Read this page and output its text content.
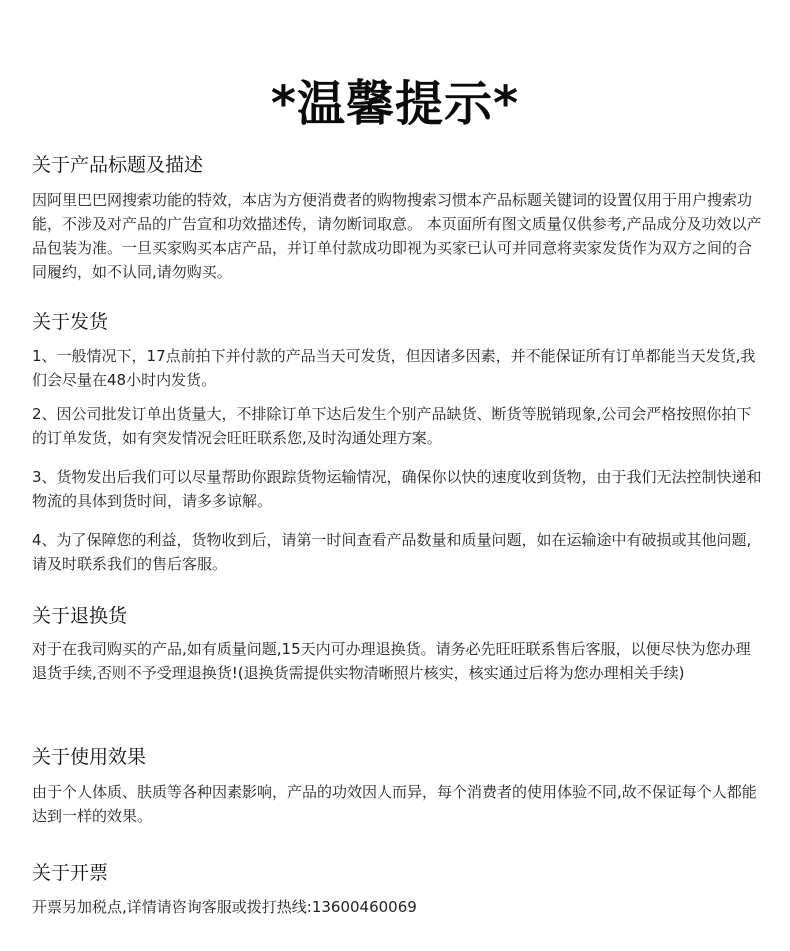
*温馨提示*
关于产品标题及描述

因阿里巴巴网搜索功能的特效，本店为方便消费者的购物搜索习惯本产品标题关键词的设置仅用于用户搜索功能，不涉及对产品的广告宣和功效描述传，请勿断词取意。 本页面所有图文质量仅供参考,产品成分及功效以产品包装为准。一旦买家购买本店产品，并订单付款成功即视为买家已认可并同意将卖家发货作为双方之间的合同履约，如不认同,请勿购买。

关于发货

1、一般情况下，17点前拍下并付款的产品当天可发货，但因诸多因素，并不能保证所有订单都能当天发货,我们会尽量在48小时内发货。

2、因公司批发订单出货量大，不排除订单下达后发生个别产品缺货、断货等脱销现象,公司会严格按照你拍下的订单发货，如有突发情况会旺旺联系您,及时沟通处理方案。

3、货物发出后我们可以尽量帮助你跟踪货物运输情况，确保你以快的速度收到货物，由于我们无法控制快递和物流的具体到货时间，请多多谅解。

4、为了保障您的利益，货物收到后，请第一时间查看产品数量和质量问题，如在运输途中有破损或其他问题,请及时联系我们的售后客服。

关于退换货

对于在我司购买的产品,如有质量问题,15天内可办理退换货。请务必先旺旺联系售后客服，以便尽快为您办理退货手续,否则不予受理退换货!(退换货需提供实物清晰照片核实，核实通过后将为您办理相关手续)

关于使用效果

由于个人体质、肤质等各种因素影响，产品的功效因人而异，每个消费者的使用体验不同,故不保证每个人都能达到一样的效果。

关于开票

开票另加税点,详情请咨询客服或拨打热线:13600460069
